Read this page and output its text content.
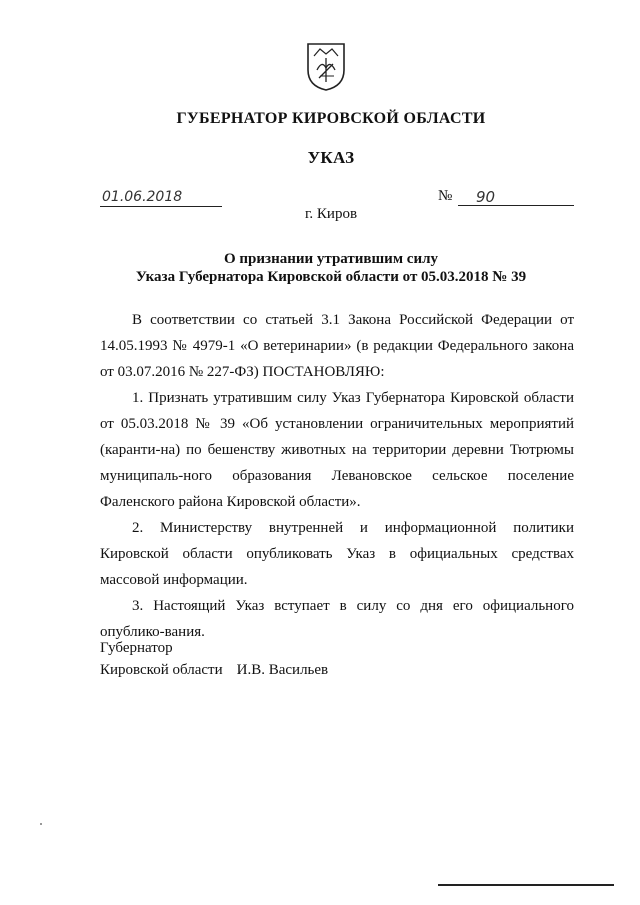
ГУБЕРНАТОР КИРОВСКОЙ ОБЛАСТИ
УКАЗ
01.06.2018	№	90
г. Киров
О признании утратившим силу
Указа Губернатора Кировской области от 05.03.2018 № 39

В соответствии со статьей 3.1 Закона Российской Федерации от 14.05.1993 № 4979-1 «О ветеринарии» (в редакции Федерального закона от 03.07.2016 № 227-ФЗ) ПОСТАНОВЛЯЮ:

1. Признать утратившим силу Указ Губернатора Кировской области от 05.03.2018 № 39 «Об установлении ограничительных мероприятий (каранти-на) по бешенству животных на территории деревни Тютрюмы муниципаль-ного образования Левановское сельское поселение Фаленского района Кировской области».

2. Министерству внутренней и информационной политики Кировской области опубликовать Указ в официальных средствах массовой информации.

3. Настоящий Указ вступает в силу со дня его официального опублико-вания.

Губернатор
Кировской области И.В. Васильев
